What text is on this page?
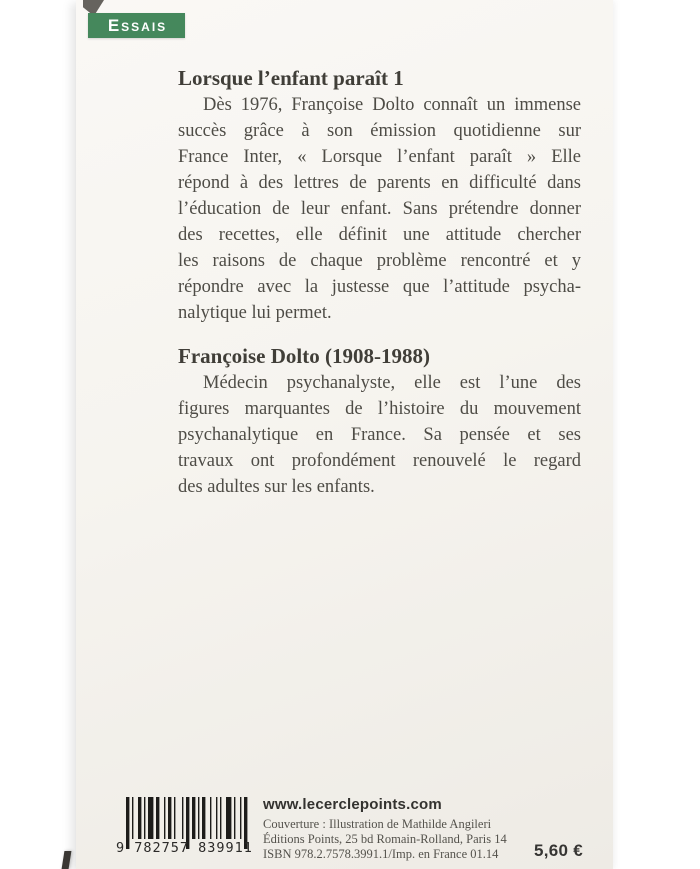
Essais
Lorsque l’enfant paraît 1

Dès 1976, Françoise Dolto connaît un immense

succès grâce à son émission quotidienne sur

France Inter, « Lorsque l’enfant paraît » Elle

répond à des lettres de parents en difficulté dans

l’éducation de leur enfant. Sans prétendre donner

des recettes, elle définit une attitude chercher

les raisons de chaque problème rencontré et y

répondre avec la justesse que l’attitude psycha-

nalytique lui permet.

Françoise Dolto (1908-1988)

Médecin psychanalyste, elle est l’une des

figures marquantes de l’histoire du mouvement

psychanalytique en France. Sa pensée et ses

travaux ont profondément renouvelé le regard

des adultes sur les enfants.

9 782757 839911
www.lecerclepoints.com
Couverture : Illustration de Mathilde Angileri
Éditions Points, 25 bd Romain-Rolland, Paris 14
ISBN 978.2.7578.3991.1/Imp. en France 01.14	5,60 €
